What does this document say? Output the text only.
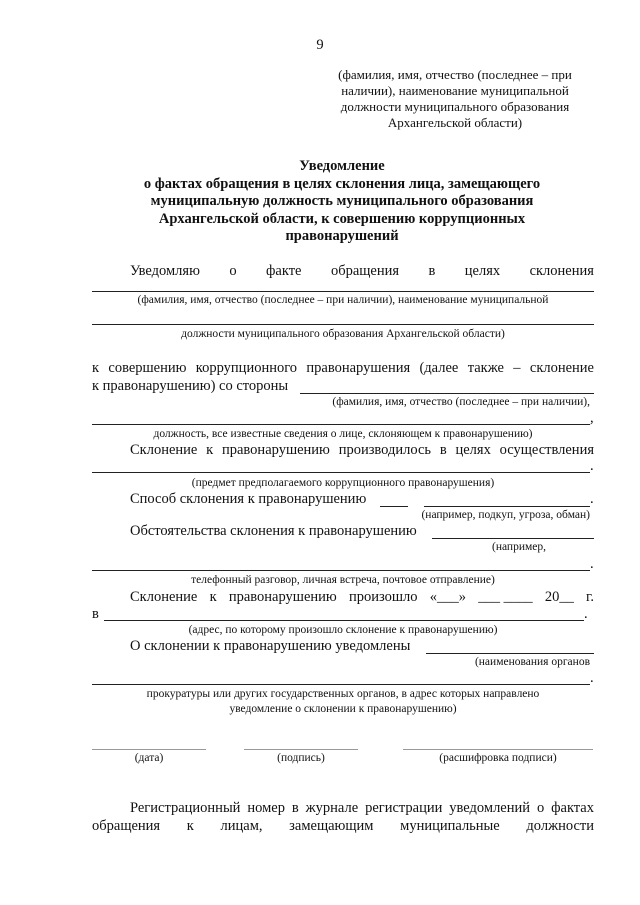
9
(фамилия, имя, отчество (последнее – при
наличии), наименование муниципальной
должности муниципального образования
Архангельской области)
Уведомление
о фактах обращения в целях склонения лица, замещающего
муниципальную должность муниципального образования
Архангельской области, к совершению коррупционных
правонарушений
Уведомляю о факте обращения в целях склонения
(фамилия, имя, отчество (последнее – при наличии), наименование муниципальной
должности муниципального образования Архангельской области)
к совершению коррупционного правонарушения (далее также – склонение
к правонарушению) со стороны
(фамилия, имя, отчество (последнее – при наличии),
,
должность, все известные сведения о лице, склоняющем к правонарушению)
Склонение к правонарушению производилось в целях осуществления
.
(предмет предполагаемого коррупционного правонарушения)
Способ склонения к правонарушению	.
(например, подкуп, угроза, обман)
Обстоятельства склонения к правонарушению
(например,
.
телефонный разговор, личная встреча, почтовое отправление)
Склонение к правонарушению произошло «___» ___ ____ 20__ г.
в	.
(адрес, по которому произошло склонение к правонарушению)
О склонении к правонарушению уведомлены
(наименования органов
.
прокуратуры или других государственных органов, в адрес которых направлено
уведомление о склонении к правонарушению)
(дата)	(подпись)	(расшифровка подписи)
Регистрационный номер в журнале регистрации уведомлений о фактах
обращения к лицам, замещающим муниципальные должности
